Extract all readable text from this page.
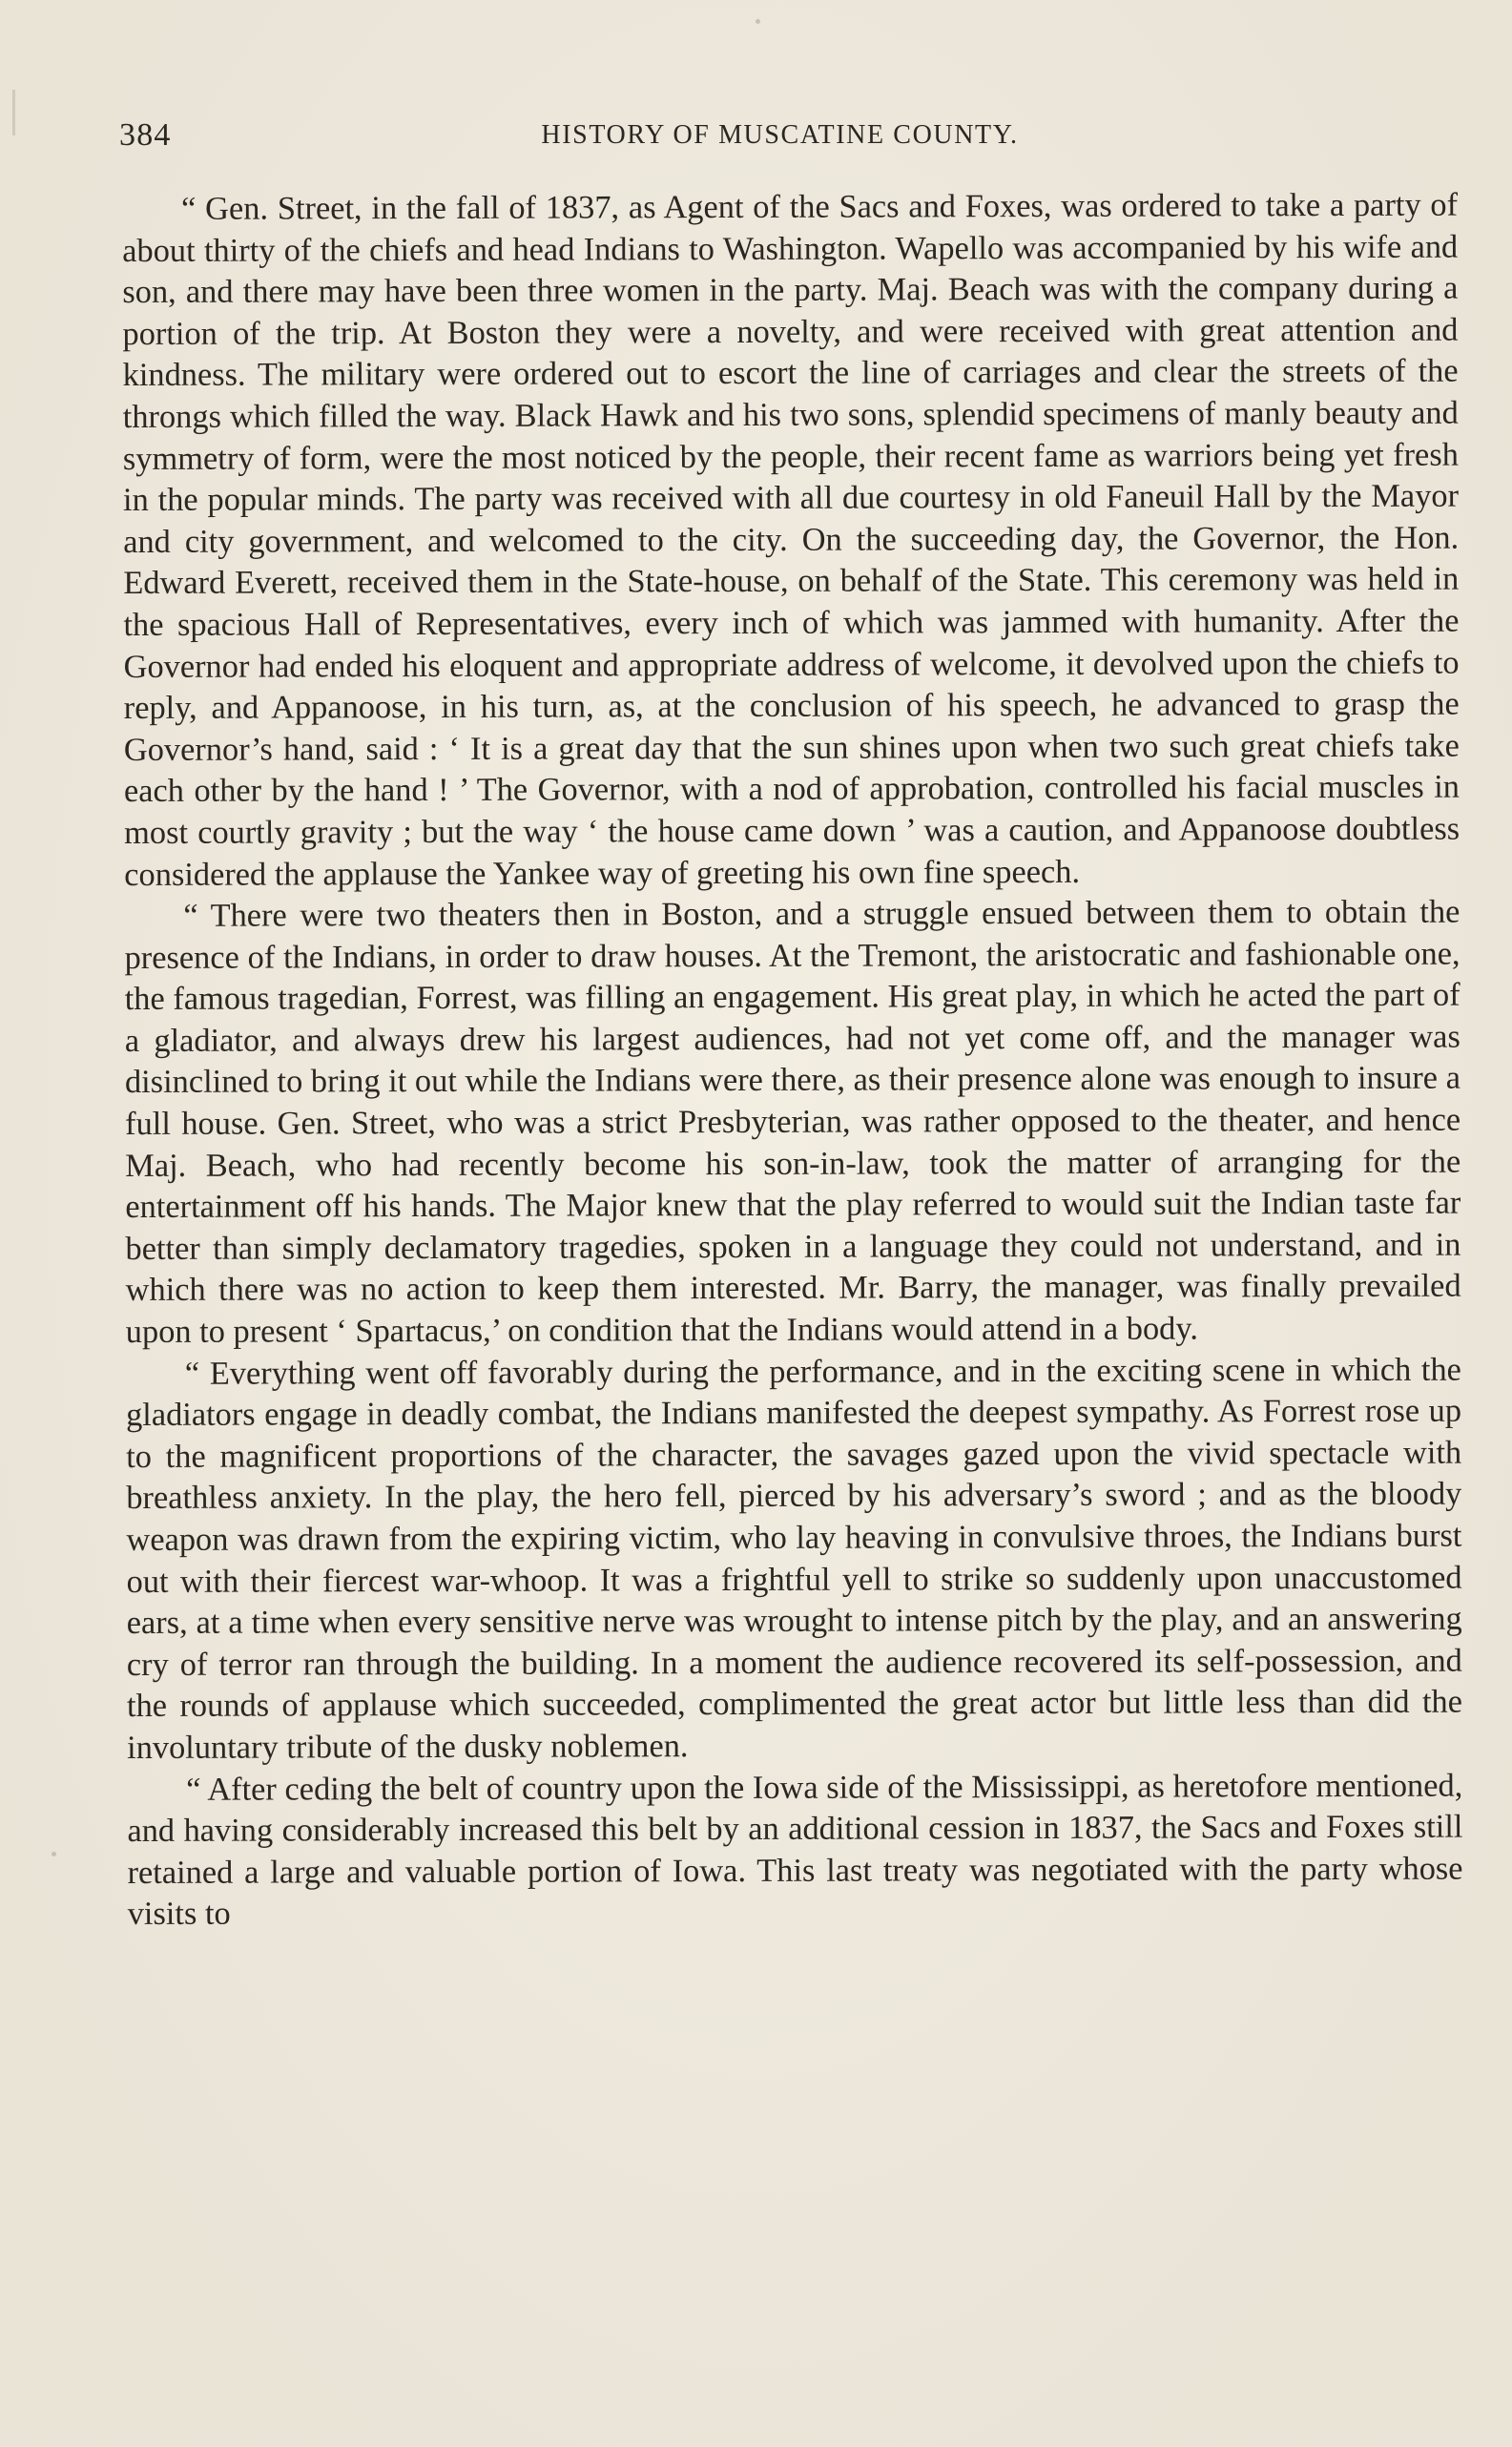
384	HISTORY OF MUSCATINE COUNTY.

“ Gen. Street, in the fall of 1837, as Agent of the Sacs and Foxes, was ordered to take a party of about thirty of the chiefs and head Indians to Washington. Wapello was accompanied by his wife and son, and there may have been three women in the party. Maj. Beach was with the company during a portion of the trip. At Boston they were a novelty, and were received with great attention and kindness. The military were ordered out to escort the line of carriages and clear the streets of the throngs which filled the way. Black Hawk and his two sons, splendid specimens of manly beauty and symmetry of form, were the most noticed by the people, their recent fame as warriors being yet fresh in the popular minds. The party was received with all due courtesy in old Faneuil Hall by the Mayor and city government, and welcomed to the city. On the succeeding day, the Governor, the Hon. Edward Everett, received them in the State-house, on behalf of the State. This ceremony was held in the spacious Hall of Representatives, every inch of which was jammed with humanity. After the Governor had ended his eloquent and appropriate address of welcome, it devolved upon the chiefs to reply, and Appanoose, in his turn, as, at the conclusion of his speech, he advanced to grasp the Governor’s hand, said : ‘ It is a great day that the sun shines upon when two such great chiefs take each other by the hand ! ’ The Governor, with a nod of approbation, controlled his facial muscles in most courtly gravity ; but the way ‘ the house came down ’ was a caution, and Appanoose doubtless considered the applause the Yankee way of greeting his own fine speech.

“ There were two theaters then in Boston, and a struggle ensued between them to obtain the presence of the Indians, in order to draw houses. At the Tremont, the aristocratic and fashionable one, the famous tragedian, Forrest, was filling an engagement. His great play, in which he acted the part of a gladiator, and always drew his largest audiences, had not yet come off, and the manager was disinclined to bring it out while the Indians were there, as their presence alone was enough to insure a full house. Gen. Street, who was a strict Presbyterian, was rather opposed to the theater, and hence Maj. Beach, who had recently become his son-in-law, took the matter of arranging for the entertainment off his hands. The Major knew that the play referred to would suit the Indian taste far better than simply declamatory tragedies, spoken in a language they could not understand, and in which there was no action to keep them interested. Mr. Barry, the manager, was finally prevailed upon to present ‘ Spartacus,’ on condition that the Indians would attend in a body.

“ Everything went off favorably during the performance, and in the exciting scene in which the gladiators engage in deadly combat, the Indians manifested the deepest sympathy. As Forrest rose up to the magnificent proportions of the character, the savages gazed upon the vivid spectacle with breathless anxiety. In the play, the hero fell, pierced by his adversary’s sword ; and as the bloody weapon was drawn from the expiring victim, who lay heaving in convulsive throes, the Indians burst out with their fiercest war-whoop. It was a frightful yell to strike so suddenly upon unaccustomed ears, at a time when every sensitive nerve was wrought to intense pitch by the play, and an answering cry of terror ran through the building. In a moment the audience recovered its self-possession, and the rounds of applause which succeeded, complimented the great actor but little less than did the involuntary tribute of the dusky noblemen.

“ After ceding the belt of country upon the Iowa side of the Mississippi, as heretofore mentioned, and having considerably increased this belt by an additional cession in 1837, the Sacs and Foxes still retained a large and valuable portion of Iowa. This last treaty was negotiated with the party whose visits to
